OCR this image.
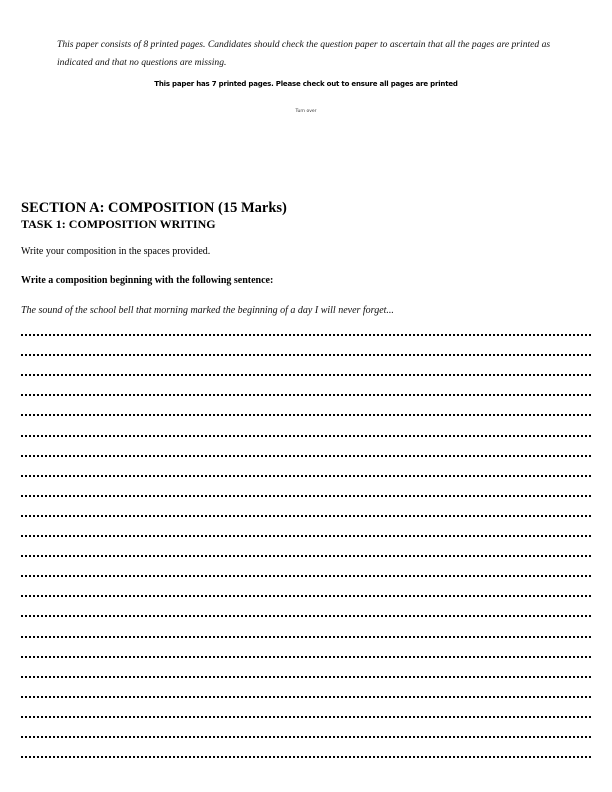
This paper consists of 8 printed pages. Candidates should check the question paper to ascertain that all the pages are printed as indicated and that no questions are missing.

This paper has 7 printed pages. Please check out to ensure all pages are printed
Turn over
SECTION A: COMPOSITION (15 Marks)
TASK 1: COMPOSITION WRITING
Write your composition in the spaces provided.
Write a composition beginning with the following sentence:
The sound of the school bell that morning marked the beginning of a day I will never forget...
